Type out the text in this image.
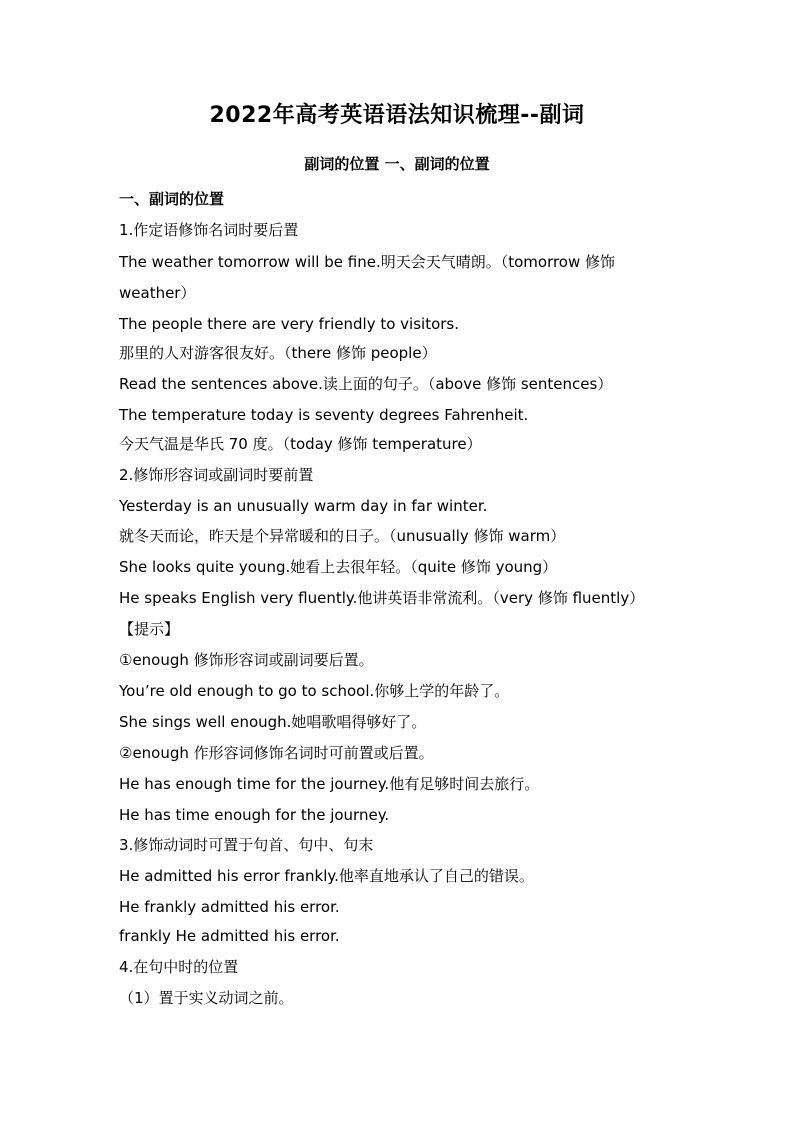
2022年高考英语语法知识梳理--副词
副词的位置 一、副词的位置
一、副词的位置
1.作定语修饰名词时要后置
The weather tomorrow will be fine.明天会天气晴朗。（tomorrow 修饰
weather）
The people there are very friendly to visitors.
那里的人对游客很友好。（there 修饰 people）
Read the sentences above.读上面的句子。（above 修饰 sentences）
The temperature today is seventy degrees Fahrenheit.
今天气温是华氏 70 度。（today 修饰 temperature）
2.修饰形容词或副词时要前置
Yesterday is an unusually warm day in far winter.
就冬天而论，昨天是个异常暖和的日子。（unusually 修饰 warm）
She looks quite young.她看上去很年轻。（quite 修饰 young）
He speaks English very fluently.他讲英语非常流利。（very 修饰 fluently）
【提示】
①enough 修饰形容词或副词要后置。
You’re old enough to go to school.你够上学的年龄了。
She sings well enough.她唱歌唱得够好了。
②enough 作形容词修饰名词时可前置或后置。
He has enough time for the journey.他有足够时间去旅行。
He has time enough for the journey.
3.修饰动词时可置于句首、句中、句末
He admitted his error frankly.他率直地承认了自己的错误。
He frankly admitted his error.
frankly He admitted his error.
4.在句中时的位置
（1）置于实义动词之前。
